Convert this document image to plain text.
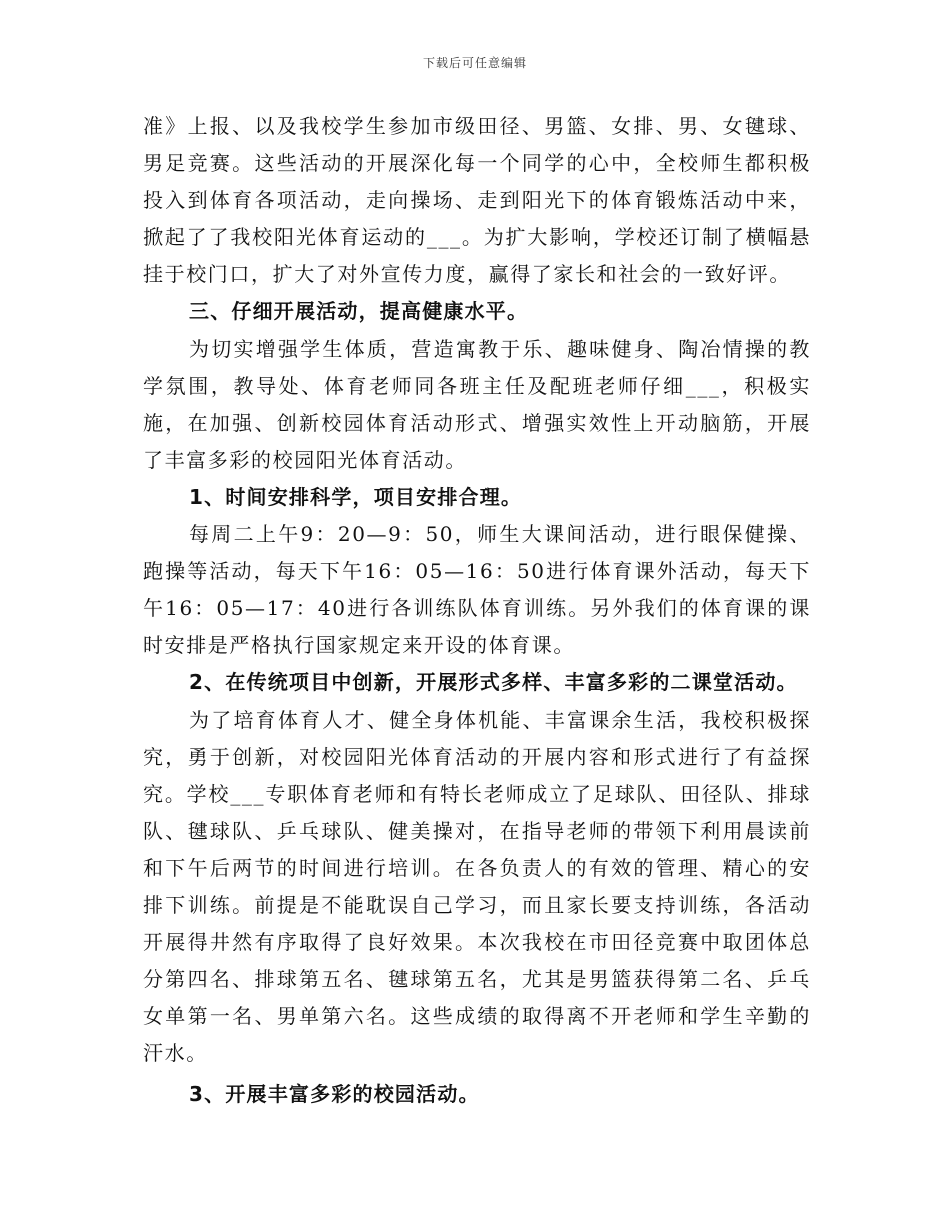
下载后可任意编辑

准》上报、以及我校学生参加市级田径、男篮、女排、男、女毽球、男足竞赛。这些活动的开展深化每一个同学的心中，全校师生都积极投入到体育各项活动，走向操场、走到阳光下的体育锻炼活动中来，掀起了了我校阳光体育运动的___。为扩大影响，学校还订制了横幅悬挂于校门口，扩大了对外宣传力度，赢得了家长和社会的一致好评。

三、仔细开展活动，提高健康水平。

为切实增强学生体质，营造寓教于乐、趣味健身、陶冶情操的教学氛围，教导处、体育老师同各班主任及配班老师仔细___，积极实施，在加强、创新校园体育活动形式、增强实效性上开动脑筋，开展了丰富多彩的校园阳光体育活动。

1、时间安排科学，项目安排合理。

每周二上午9：20—9：50，师生大课间活动，进行眼保健操、跑操等活动，每天下午16：05—16：50进行体育课外活动，每天下午16：05—17：40进行各训练队体育训练。另外我们的体育课的课时安排是严格执行国家规定来开设的体育课。

2、在传统项目中创新，开展形式多样、丰富多彩的二课堂活动。

为了培育体育人才、健全身体机能、丰富课余生活，我校积极探究，勇于创新，对校园阳光体育活动的开展内容和形式进行了有益探究。学校___专职体育老师和有特长老师成立了足球队、田径队、排球队、毽球队、乒乓球队、健美操对，在指导老师的带领下利用晨读前和下午后两节的时间进行培训。在各负责人的有效的管理、精心的安排下训练。前提是不能耽误自己学习，而且家长要支持训练，各活动开展得井然有序取得了良好效果。本次我校在市田径竞赛中取团体总分第四名、排球第五名、毽球第五名，尤其是男篮获得第二名、乒乓女单第一名、男单第六名。这些成绩的取得离不开老师和学生辛勤的汗水。

3、开展丰富多彩的校园活动。
